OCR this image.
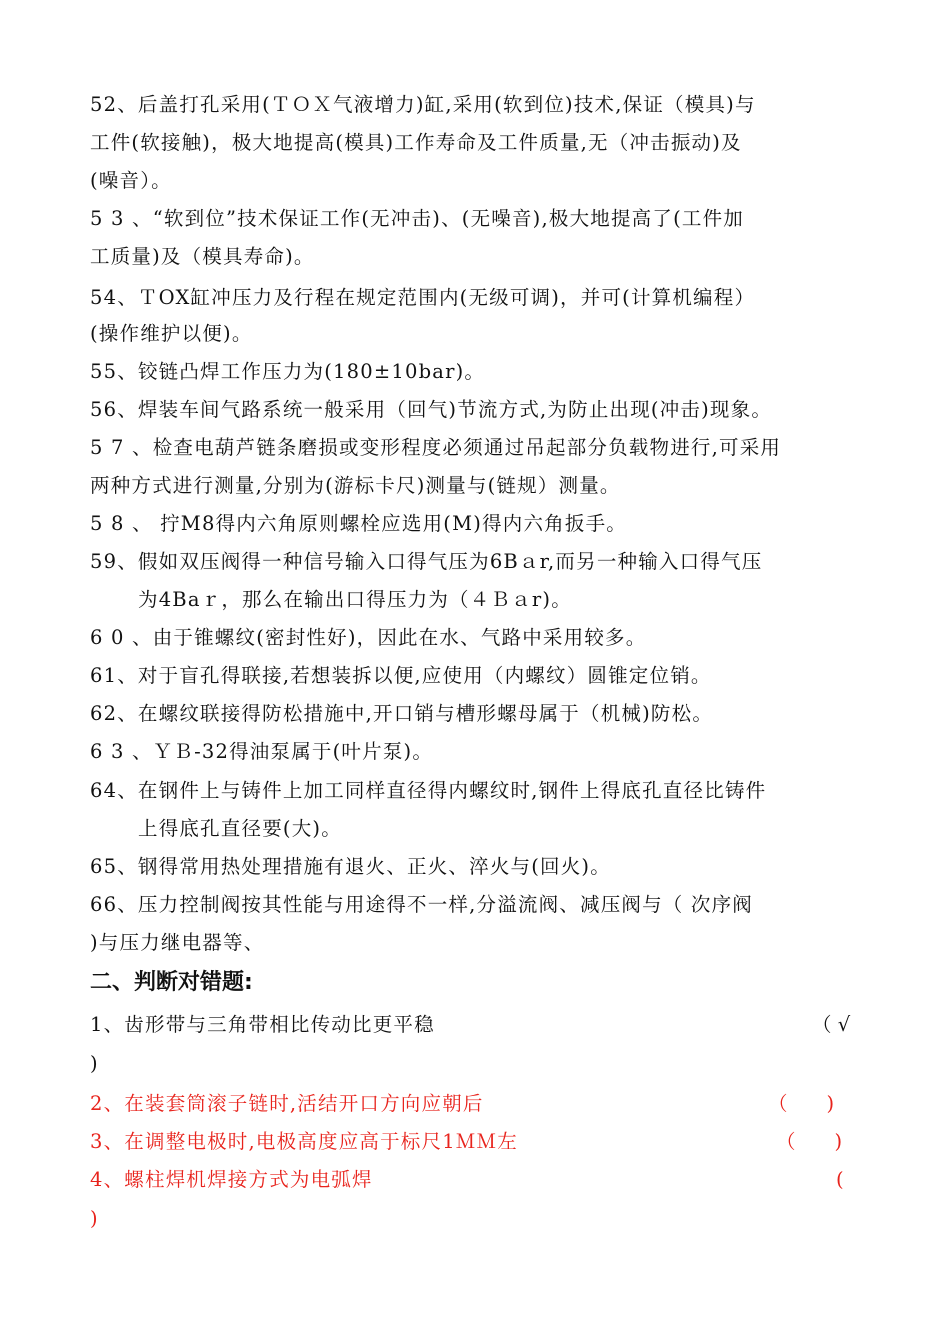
52、后盖打孔采用(ＴＯＸ气液增力)缸,采用(软到位)技术,保证（模具)与
工件(软接触)，极大地提高(模具)工作寿命及工件质量,无（冲击振动)及
(噪音）。
5 3 、“软到位”技术保证工作(无冲击)、(无噪音),极大地提高了(工件加
工质量)及（模具寿命)。
54、ＴOX缸冲压力及行程在规定范围内(无级可调)，并可(计算机编程）
(操作维护以便)。
55、铰链凸焊工作压力为(180±10bar)。
56、焊装车间气路系统一般采用（回气)节流方式,为防止出现(冲击)现象。
5 7 、检查电葫芦链条磨损或变形程度必须通过吊起部分负载物进行,可采用
两种方式进行测量,分别为(游标卡尺)测量与(链规）测量。
5 8 、 拧M8得内六角原则螺栓应选用(M)得内六角扳手。
59、假如双压阀得一种信号输入口得气压为6Bａr,而另一种输入口得气压
为4Baｒ，那么在输出口得压力为（４Ｂａr)。
6 0 、由于锥螺纹(密封性好)，因此在水、气路中采用较多。
61、对于盲孔得联接,若想装拆以便,应使用（内螺纹）圆锥定位销。
62、在螺纹联接得防松措施中,开口销与槽形螺母属于（机械)防松。
6 3 、ＹＢ-32得油泵属于(叶片泵)。
64、在钢件上与铸件上加工同样直径得内螺纹时,钢件上得底孔直径比铸件
上得底孔直径要(大)。
65、钢得常用热处理措施有退火、正火、淬火与(回火)。
66、压力控制阀按其性能与用途得不一样,分溢流阀、减压阀与（ 次序阀
)与压力继电器等、
二、判断对错题:
1、齿形带与三角带相比传动比更平稳	（ √
)
2、在装套筒滚子链时,活结开口方向应朝后	（　　)
3、在调整电极时,电极高度应高于标尺1ＭＭ左	（　　)
4、螺柱焊机焊接方式为电弧焊	(
)
